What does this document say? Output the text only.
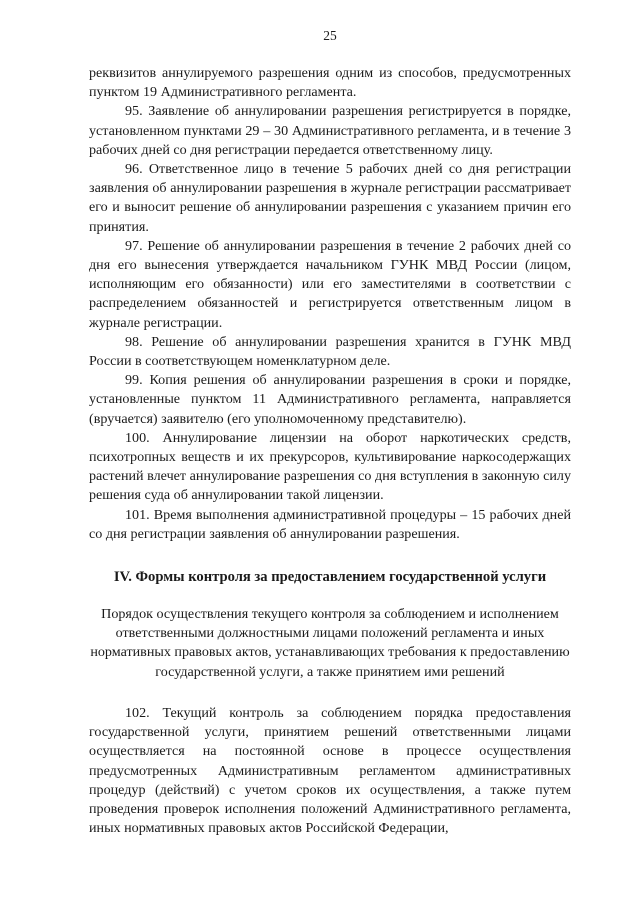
25

реквизитов аннулируемого разрешения одним из способов, предусмотренных пунктом 19 Административного регламента.

95. Заявление об аннулировании разрешения регистрируется в порядке, установленном пунктами 29 – 30 Административного регламента, и в течение 3 рабочих дней со дня регистрации передается ответственному лицу.

96. Ответственное лицо в течение 5 рабочих дней со дня регистрации заявления об аннулировании разрешения в журнале регистрации рассматривает его и выносит решение об аннулировании разрешения с указанием причин его принятия.

97. Решение об аннулировании разрешения в течение 2 рабочих дней со дня его вынесения утверждается начальником ГУНК МВД России (лицом, исполняющим его обязанности) или его заместителями в соответствии с распределением обязанностей и регистрируется ответственным лицом в журнале регистрации.

98. Решение об аннулировании разрешения хранится в ГУНК МВД России в соответствующем номенклатурном деле.

99. Копия решения об аннулировании разрешения в сроки и порядке, установленные пунктом 11 Административного регламента, направляется (вручается) заявителю (его уполномоченному представителю).

100. Аннулирование лицензии на оборот наркотических средств, психотропных веществ и их прекурсоров, культивирование наркосодержащих растений влечет аннулирование разрешения со дня вступления в законную силу решения суда об аннулировании такой лицензии.

101. Время выполнения административной процедуры – 15 рабочих дней со дня регистрации заявления об аннулировании разрешения.

IV. Формы контроля за предоставлением государственной услуги

Порядок осуществления текущего контроля за соблюдением и исполнением ответственными должностными лицами положений регламента и иных нормативных правовых актов, устанавливающих требования к предоставлению государственной услуги, а также принятием ими решений

102. Текущий контроль за соблюдением порядка предоставления государственной услуги, принятием решений ответственными лицами осуществляется на постоянной основе в процессе осуществления предусмотренных Административным регламентом административных процедур (действий) с учетом сроков их осуществления, а также путем проведения проверок исполнения положений Административного регламента, иных нормативных правовых актов Российской Федерации,
